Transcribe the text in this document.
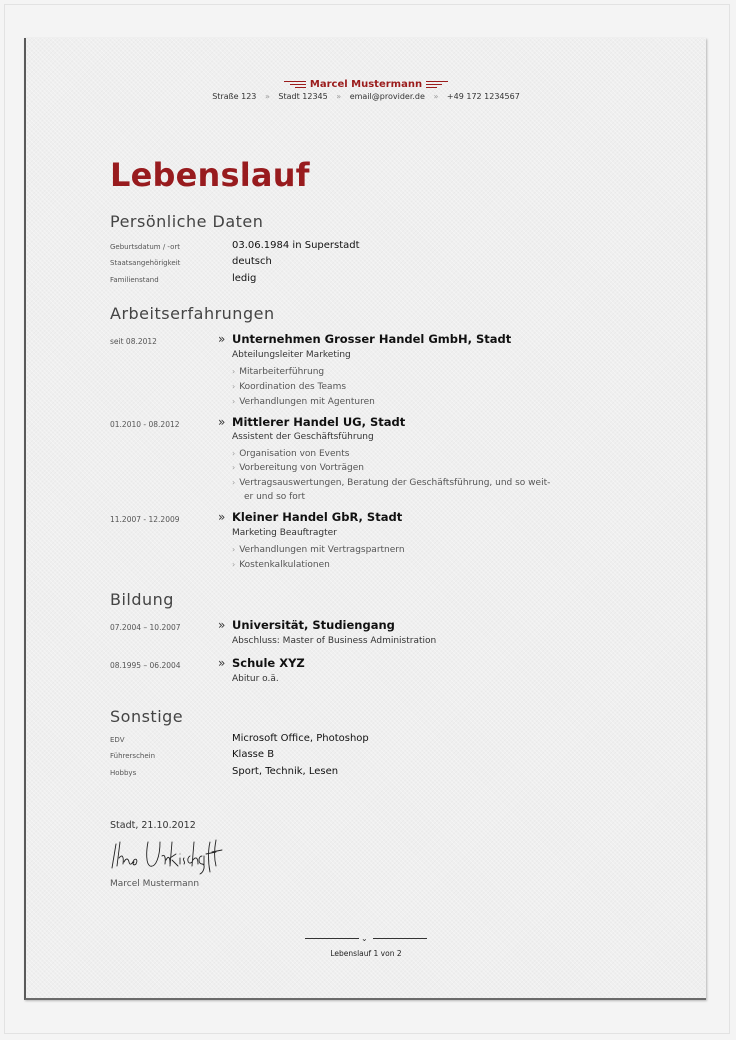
Marcel Mustermann
Straße 123 » Stadt 12345 » email@provider.de » +49 172 1234567
Lebenslauf
Persönliche Daten
Geburtsdatum / -ort	03.06.1984 in Superstadt
Staatsangehörigkeit	deutsch
Familienstand	ledig
Arbeitserfahrungen
seit 08.2012	» Unternehmen Grosser Handel GmbH, Stadt
Abteilungsleiter Marketing
› Mitarbeiterführung
› Koordination des Teams
› Verhandlungen mit Agenturen
01.2010 - 08.2012	» Mittlerer Handel UG, Stadt
Assistent der Geschäftsführung
› Organisation von Events
› Vorbereitung von Vorträgen
› Vertragsauswertungen, Beratung der Geschäftsführung, und so weit-
er und so fort
11.2007 - 12.2009	» Kleiner Handel GbR, Stadt
Marketing Beauftragter
› Verhandlungen mit Vertragspartnern
› Kostenkalkulationen
Bildung
07.2004 – 10.2007	» Universität, Studiengang
Abschluss: Master of Business Administration
08.1995 – 06.2004	» Schule XYZ
Abitur o.ä.
Sonstige
EDV	Microsoft Office, Photoshop
Führerschein	Klasse B
Hobbys	Sport, Technik, Lesen
Stadt, 21.10.2012
Marcel Mustermann
⌄
Lebenslauf 1 von 2
